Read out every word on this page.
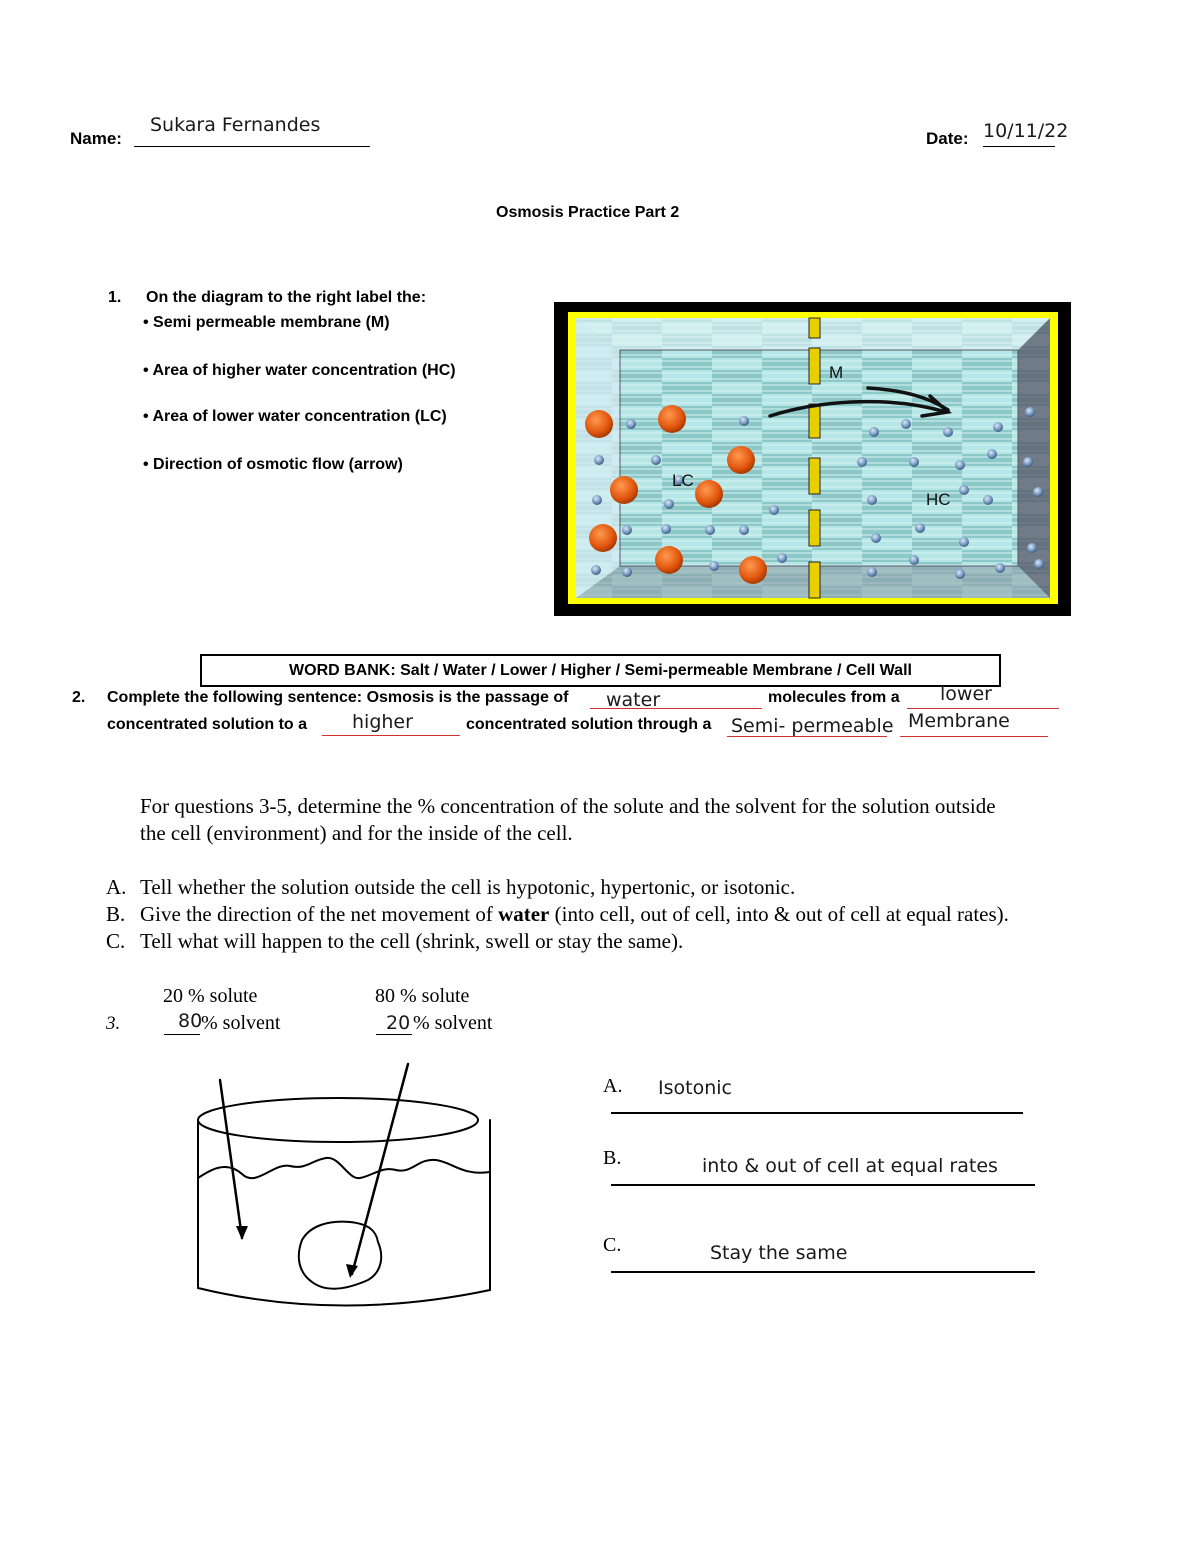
Name:
Sukara Fernandes
Date: 10/11/22
Osmosis Practice Part 2
1. On the diagram to the right label the:
• Semi permeable membrane (M)
• Area of higher water concentration (HC)
• Area of lower water concentration (LC)
• Direction of osmotic flow (arrow)
M
LC
HC
WORD BANK: Salt / Water / Lower / Higher / Semi-permeable Membrane / Cell Wall
2. Complete the following sentence: Osmosis is the passage of water	molecules from a lower
concentrated solution to a higher	concentrated solution through a Semi- permeable Membrane
For questions 3-5, determine the % concentration of the solute and the solvent for the solution outside
the cell (environment) and for the inside of the cell.
A. Tell whether the solution outside the cell is hypotonic, hypertonic, or isotonic.
B. Give the direction of the net movement of water (into cell, out of cell, into & out of cell at equal rates).
C. Tell what will happen to the cell (shrink, swell or stay the same).
20 % solute	80 % solute
3.	80
% solvent	20 % solvent
A. Isotonic
B.	into & out of cell at equal rates
C.	Stay the same
